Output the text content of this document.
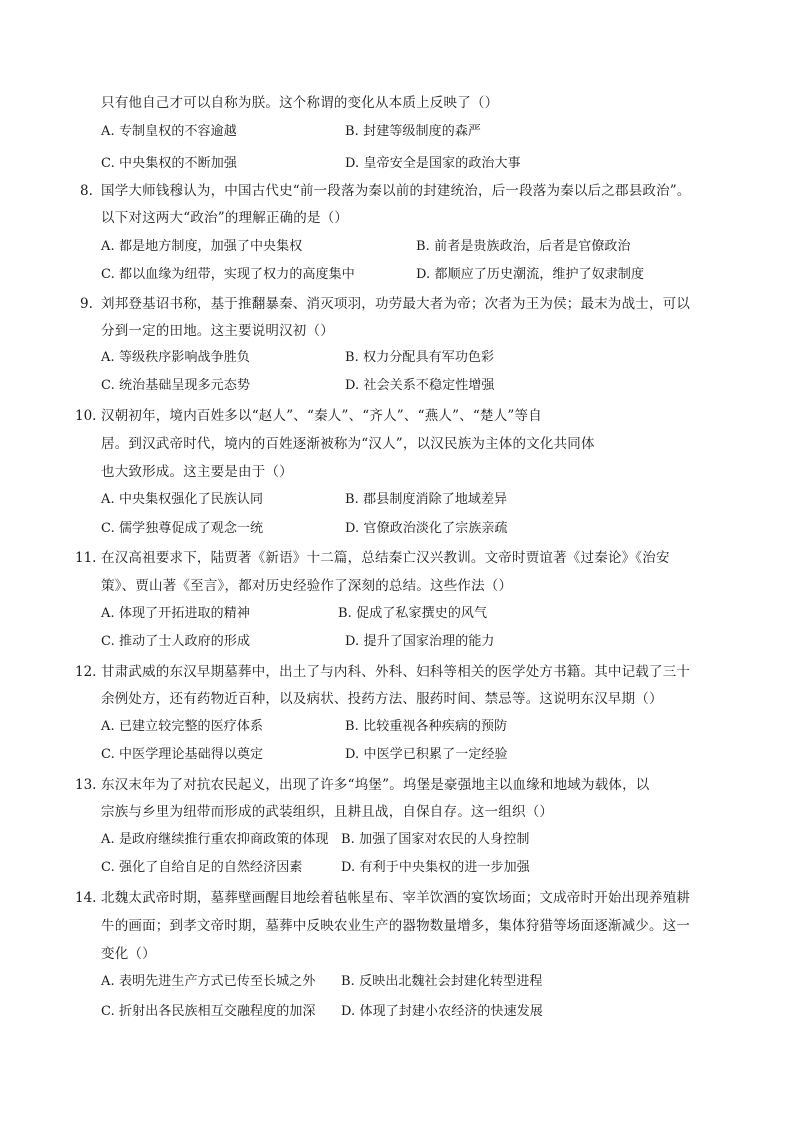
只有他自己才可以自称为朕。这个称谓的变化从本质上反映了（）
A. 专制皇权的不容逾越	B. 封建等级制度的森严
C. 中央集权的不断加强	D. 皇帝安全是国家的政治大事
8. 国学大师钱穆认为，中国古代史“前一段落为秦以前的封建统治，后一段落为秦以后之郡县政治”。
以下对这两大“政治”的理解正确的是（）
A. 都是地方制度，加强了中央集权	B. 前者是贵族政治，后者是官僚政治
C. 都以血缘为纽带，实现了权力的高度集中	D. 都顺应了历史潮流，维护了奴隶制度
9. 刘邦登基诏书称，基于推翻暴秦、消灭项羽，功劳最大者为帝；次者为王为侯；最末为战士，可以
分到一定的田地。这主要说明汉初（）
A. 等级秩序影响战争胜负	B. 权力分配具有军功色彩
C. 统治基础呈现多元态势	D. 社会关系不稳定性增强
10. 汉朝初年，境内百姓多以“赵人”、“秦人”、“齐人”、“燕人”、“楚人”等自
居。到汉武帝时代，境内的百姓逐渐被称为“汉人”，以汉民族为主体的文化共同体
也大致形成。这主要是由于（）
A. 中央集权强化了民族认同	B. 郡县制度消除了地域差异
C. 儒学独尊促成了观念一统	D. 官僚政治淡化了宗族亲疏
11. 在汉高祖要求下，陆贾著《新语》十二篇，总结秦亡汉兴教训。文帝时贾谊著《过秦论》《治安
策》、贾山著《至言》，都对历史经验作了深刻的总结。这些作法（）
A. 体现了开拓进取的精神	B. 促成了私家撰史的风气
C. 推动了士人政府的形成	D. 提升了国家治理的能力
12. 甘肃武威的东汉早期墓葬中，出土了与内科、外科、妇科等相关的医学处方书籍。其中记载了三十
余例处方，还有药物近百种，以及病状、投药方法、服药时间、禁忌等。这说明东汉早期（）
A. 已建立较完整的医疗体系	B. 比较重视各种疾病的预防
C. 中医学理论基础得以奠定	D. 中医学已积累了一定经验
13. 东汉末年为了对抗农民起义，出现了许多“坞堡”。坞堡是豪强地主以血缘和地域为载体，以
宗族与乡里为纽带而形成的武装组织，且耕且战，自保自存。这一组织（）
A. 是政府继续推行重农抑商政策的体现 B. 加强了国家对农民的人身控制
C. 强化了自给自足的自然经济因素	D. 有利于中央集权的进一步加强
14. 北魏太武帝时期，墓葬壁画醒目地绘着毡帐星布、宰羊饮酒的宴饮场面；文成帝时开始出现养殖耕
牛的画面；到孝文帝时期，墓葬中反映农业生产的器物数量增多，集体狩猎等场面逐渐减少。这一
变化（）
A. 表明先进生产方式已传至长城之外 B. 反映出北魏社会封建化转型进程
C. 折射出各民族相互交融程度的加深 D. 体现了封建小农经济的快速发展
